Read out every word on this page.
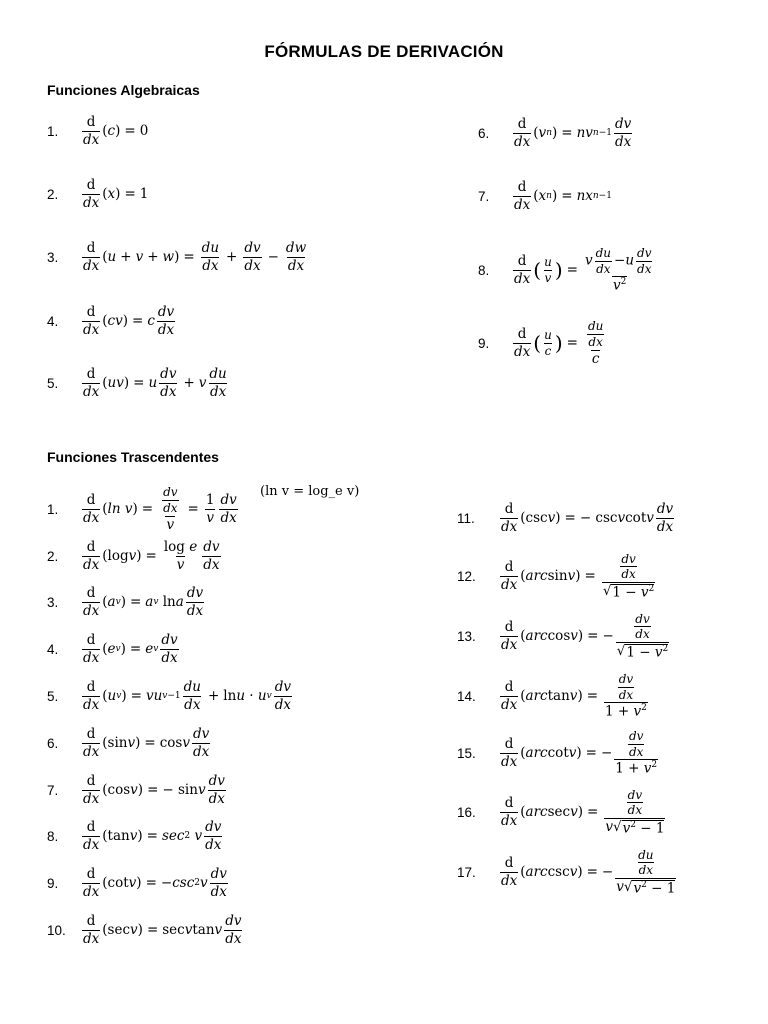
FÓRMULAS DE DERIVACIÓN
Funciones Algebraicas
Funciones Trascendentes
1.
d
dx
( c ) = 0
2.
d
dx
( x ) = 1
3.
d
dx
( u + v + w ) = $\frac{du}{dx} + \frac{dv}{dx} - \frac{dw}{dx}$
4.
d
dx
( cv ) = c
dv
dx
5.
d
dx
( uv ) = u
dv
dx
+ v
du
dx
6.
d
dx
( v n ) = nv n−1
dv
dx
7.
d
dx
( x n ) = nx n−1
8.
d
dx ( u
v ) =
v $\frac{du}{dx} -u \frac{dv}{dx}$
$v^2$
9.
d
dx ( u
c ) = $\frac{du}{dx}$
c
(ln v = log_e v)
1.
d
dx
( ln v ) = $\frac{dv}{dx}$
v
= $\frac{1}{v}$ dv
dx
2.
d
dx
(log v ) = $\frac{\text{log e}}{v}$ dv
dx
3.
d
dx
( a v ) = a v ln a
dv
dx
4.
d
dx
( e v ) = e v
dv
dx
5.
d
dx
( u v ) = vu v−1
du
dx
+ ln u · u v
dv
dx
6.
d
dx
(sin v ) = cos v
dv
dx
7.
d
dx
(cos v ) = − sin v
dv
dx
8.
d
dx
(tan v ) = sec 2
v
dv
dx
9.
d
dx
(cot v ) = − csc 2 v
dv
dx
10.
d
dx
(sec v ) = sec v tan v
dv
dx
11.
d
dx
(csc v ) = − csc v cot v
dv
dx
12.
d
dx
( arc sin v ) = $\frac{dv}{dx}$
√ $1 - v^2$
13.
d
dx
( arc cos v ) = − $\frac{dv}{dx}$
√ $1 - v^2$
14.
d
dx
( arc tan v ) = $\frac{dv}{dx}$
$1 + v^2$
15.
d
dx
( arc cot v ) = − $\frac{dv}{dx}$
$1 + v^2$
16.
d
dx
( arc sec v ) = $\frac{dv}{dx}$
v√ $v^2 - 1$
17.
d
dx
( arc csc v ) = − $\frac{du}{dx}$
v√ $v^2 - 1$
